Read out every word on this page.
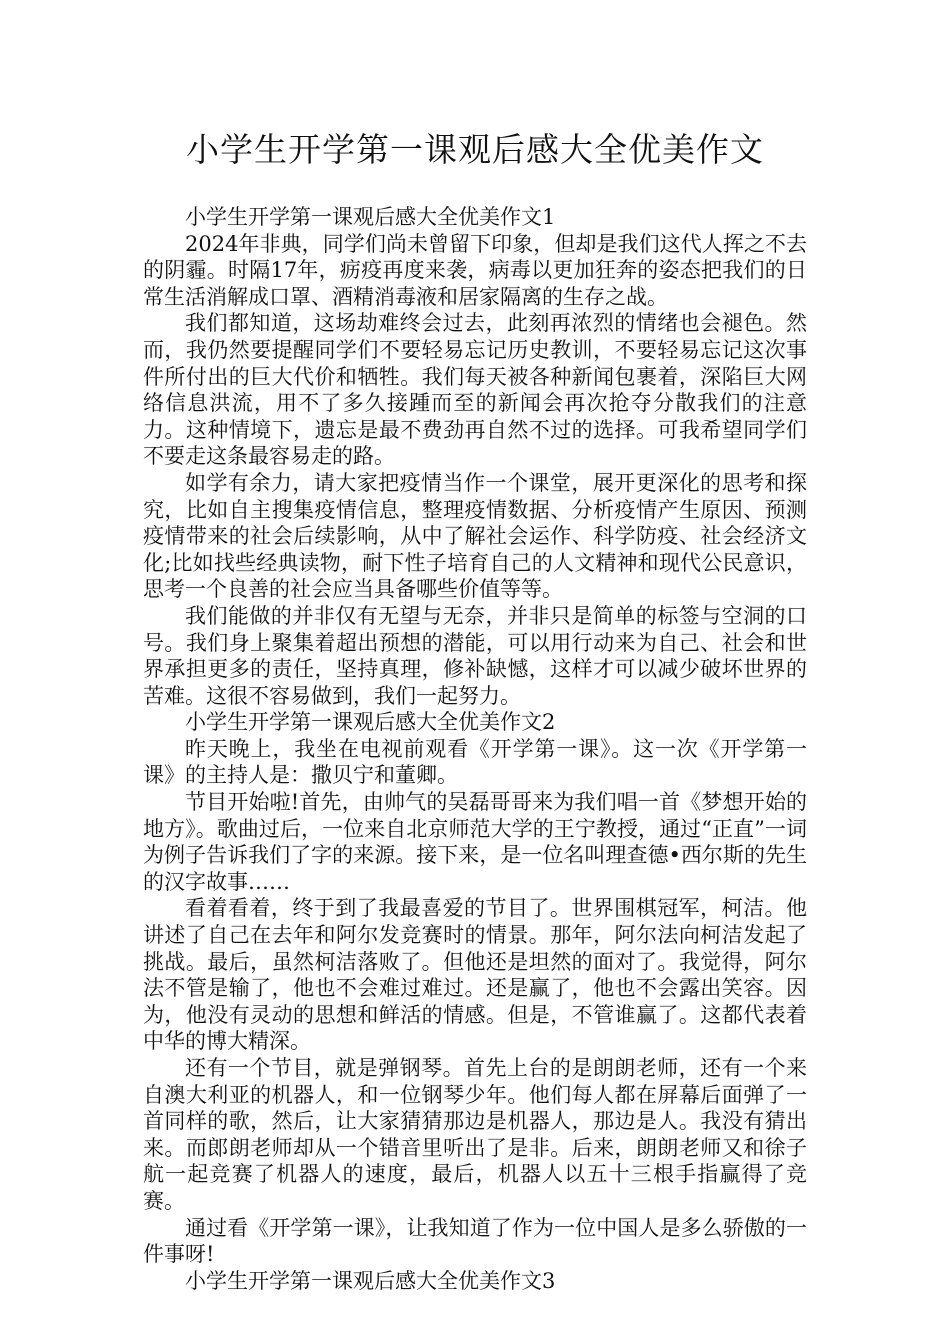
小学生开学第一课观后感大全优美作文

小学生开学第一课观后感大全优美作文1

2024年非典，同学们尚未曾留下印象，但却是我们这代人挥之不去的阴霾。时隔17年，疬疫再度来袭，病毒以更加狂奔的姿态把我们的日常生活消解成口罩、酒精消毒液和居家隔离的生存之战。

我们都知道，这场劫难终会过去，此刻再浓烈的情绪也会褪色。然而，我仍然要提醒同学们不要轻易忘记历史教训，不要轻易忘记这次事件所付出的巨大代价和牺牲。我们每天被各种新闻包裹着，深陷巨大网络信息洪流，用不了多久接踵而至的新闻会再次抢夺分散我们的注意力。这种情境下，遗忘是最不费劲再自然不过的选择。可我希望同学们不要走这条最容易走的路。

如学有余力，请大家把疫情当作一个课堂，展开更深化的思考和探究，比如自主搜集疫情信息，整理疫情数据、分析疫情产生原因、预测疫情带来的社会后续影响，从中了解社会运作、科学防疫、社会经济文化;比如找些经典读物，耐下性子培育自己的人文精神和现代公民意识，思考一个良善的社会应当具备哪些价值等等。

我们能做的并非仅有无望与无奈，并非只是简单的标签与空洞的口号。我们身上聚集着超出预想的潜能，可以用行动来为自己、社会和世界承担更多的责任，坚持真理，修补缺憾，这样才可以减少破坏世界的苦难。这很不容易做到，我们一起努力。

小学生开学第一课观后感大全优美作文2

昨天晚上，我坐在电视前观看《开学第一课》。这一次《开学第一课》的主持人是：撒贝宁和董卿。

节目开始啦!首先，由帅气的吴磊哥哥来为我们唱一首《梦想开始的地方》。歌曲过后，一位来自北京师范大学的王宁教授，通过“正直”一词为例子告诉我们了字的来源。接下来，是一位名叫理查德•西尔斯的先生的汉字故事……

看着看着，终于到了我最喜爱的节目了。世界围棋冠军，柯洁。他讲述了自己在去年和阿尔发竞赛时的情景。那年，阿尔法向柯洁发起了挑战。最后，虽然柯洁落败了。但他还是坦然的面对了。我觉得，阿尔法不管是输了，他也不会难过难过。还是赢了，他也不会露出笑容。因为，他没有灵动的思想和鲜活的情感。但是，不管谁赢了。这都代表着中华的博大精深。

还有一个节目，就是弹钢琴。首先上台的是朗朗老师，还有一个来自澳大利亚的机器人，和一位钢琴少年。他们每人都在屏幕后面弹了一首同样的歌，然后，让大家猜猜那边是机器人，那边是人。我没有猜出来。而郎朗老师却从一个错音里听出了是非。后来，朗朗老师又和徐子航一起竞赛了机器人的速度，最后，机器人以五十三根手指赢得了竞赛。

通过看《开学第一课》，让我知道了作为一位中国人是多么骄傲的一件事呀!

小学生开学第一课观后感大全优美作文3
